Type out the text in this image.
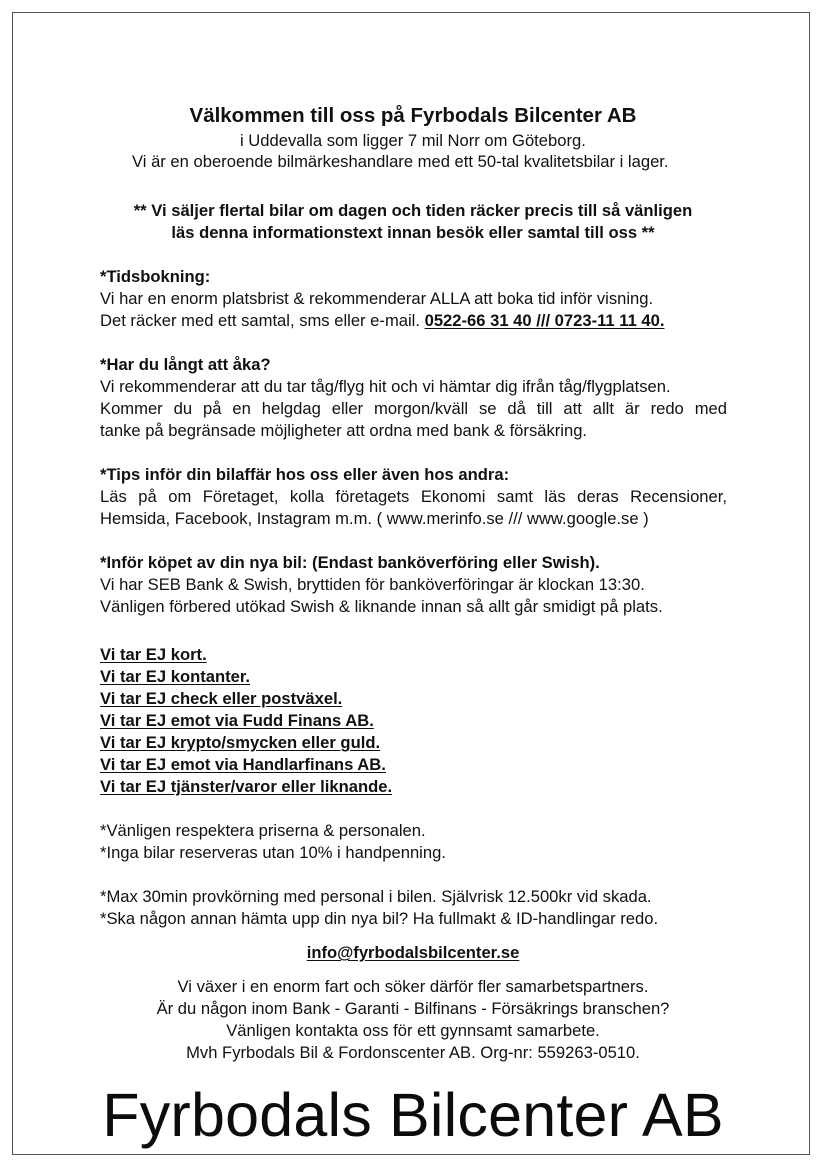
Välkommen till oss på Fyrbodals Bilcenter AB
i Uddevalla som ligger 7 mil Norr om Göteborg.
Vi är en oberoende bilmärkeshandlare med ett 50-tal kvalitetsbilar i lager.
** Vi säljer flertal bilar om dagen och tiden räcker precis till så vänligen
läs denna informationstext innan besök eller samtal till oss **
*Tidsbokning:
Vi har en enorm platsbrist & rekommenderar ALLA att boka tid inför visning.
Det räcker med ett samtal, sms eller e-mail. 0522-66 31 40 /// 0723-11 11 40.
*Har du långt att åka?
Vi rekommenderar att du tar tåg/flyg hit och vi hämtar dig ifrån tåg/flygplatsen.
Kommer du på en helgdag eller morgon/kväll se då till att allt är redo med
tanke på begränsade möjligheter att ordna med bank & försäkring.
*Tips inför din bilaffär hos oss eller även hos andra:
Läs på om Företaget, kolla företagets Ekonomi samt läs deras Recensioner,
Hemsida, Facebook, Instagram m.m. ( www.merinfo.se /// www.google.se )
*Inför köpet av din nya bil: (Endast banköverföring eller Swish).
Vi har SEB Bank & Swish, bryttiden för banköverföringar är klockan 13:30.
Vänligen förbered utökad Swish & liknande innan så allt går smidigt på plats.
Vi tar EJ kort.
Vi tar EJ kontanter.
Vi tar EJ check eller postväxel.
Vi tar EJ emot via Fudd Finans AB.
Vi tar EJ krypto/smycken eller guld.
Vi tar EJ emot via Handlarfinans AB.
Vi tar EJ tjänster/varor eller liknande.
*Vänligen respektera priserna & personalen.
*Inga bilar reserveras utan 10% i handpenning.
*Max 30min provkörning med personal i bilen. Självrisk 12.500kr vid skada.
*Ska någon annan hämta upp din nya bil? Ha fullmakt & ID-handlingar redo.
info@fyrbodalsbilcenter.se
Vi växer i en enorm fart och söker därför fler samarbetspartners.
Är du någon inom Bank - Garanti - Bilfinans - Försäkrings branschen?
Vänligen kontakta oss för ett gynnsamt samarbete.
Mvh Fyrbodals Bil & Fordonscenter AB. Org-nr: 559263-0510.
Fyrbodals Bilcenter AB
